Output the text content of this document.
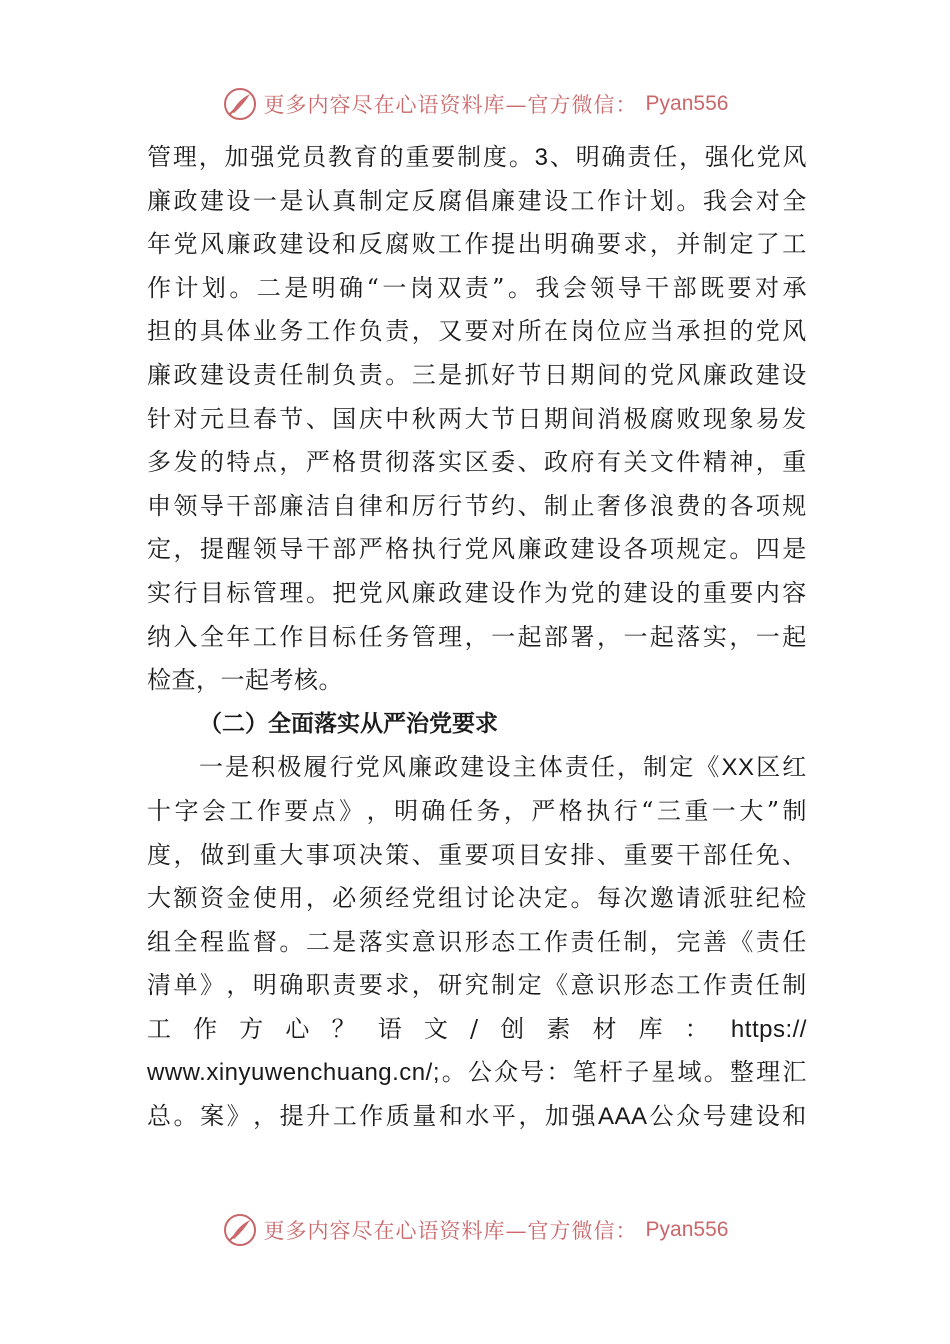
更多内容尽在心语资料库—官方微信： Pyan556
管 理 ， 加 强 党 员 教 育 的 重 要 制 度 。 3 、 明 确 责 任 ， 强 化 党 风
廉 政 建 设 一 是 认 真 制 定 反 腐 倡 廉 建 设 工 作 计 划 。 我 会 对 全
年 党 风 廉 政 建 设 和 反 腐 败 工 作 提 出 明 确 要 求 ， 并 制 定 了 工
作 计 划 。 二 是 明 确 “ 一 岗 双 责 ” 。 我 会 领 导 干 部 既 要 对 承
担 的 具 体 业 务 工 作 负 责 ， 又 要 对 所 在 岗 位 应 当 承 担 的 党 风
廉 政 建 设 责 任 制 负 责 。 三 是 抓 好 节 日 期 间 的 党 风 廉 政 建 设
针 对 元 旦 春 节 、 国 庆 中 秋 两 大 节 日 期 间 消 极 腐 败 现 象 易 发
多 发 的 特 点 ， 严 格 贯 彻 落 实 区 委 、 政 府 有 关 文 件 精 神 ， 重
申 领 导 干 部 廉 洁 自 律 和 厉 行 节 约 、 制 止 奢 侈 浪 费 的 各 项 规
定 ， 提 醒 领 导 干 部 严 格 执 行 党 风 廉 政 建 设 各 项 规 定 。 四 是
实 行 目 标 管 理 。 把 党 风 廉 政 建 设 作 为 党 的 建 设 的 重 要 内 容
纳 入 全 年 工 作 目 标 任 务 管 理 ， 一 起 部 署 ， 一 起 落 实 ， 一 起
检查，一起考核。
（二）全面落实从严治党要求
一 是 积 极 履 行 党 风 廉 政 建 设 主 体 责 任 ， 制 定 《 XX 区 红
十 字 会 工 作 要 点 》 ， 明 确 任 务 ， 严 格 执 行 “ 三 重 一 大 ” 制
度 ， 做 到 重 大 事 项 决 策 、 重 要 项 目 安 排 、 重 要 干 部 任 免 、
大 额 资 金 使 用 ， 必 须 经 党 组 讨 论 决 定 。 每 次 邀 请 派 驻 纪 检
组 全 程 监 督 。 二 是 落 实 意 识 形 态 工 作 责 任 制 ， 完 善 《 责 任
清 单 》 ， 明 确 职 责 要 求 ， 研 究 制 定 《 意 识 形 态 工 作 责 任 制
工 作 方 心 ？ 语 文 / 创 素 材 库 ： https://
www.xinyuwenchuang.cn/; 。 公 众 号 ： 笔 杆 子 星 域 。 整 理 汇
总 。 案 》 ， 提 升 工 作 质 量 和 水 平 ， 加 强 AAA 公 众 号 建 设 和
更多内容尽在心语资料库—官方微信： Pyan556
